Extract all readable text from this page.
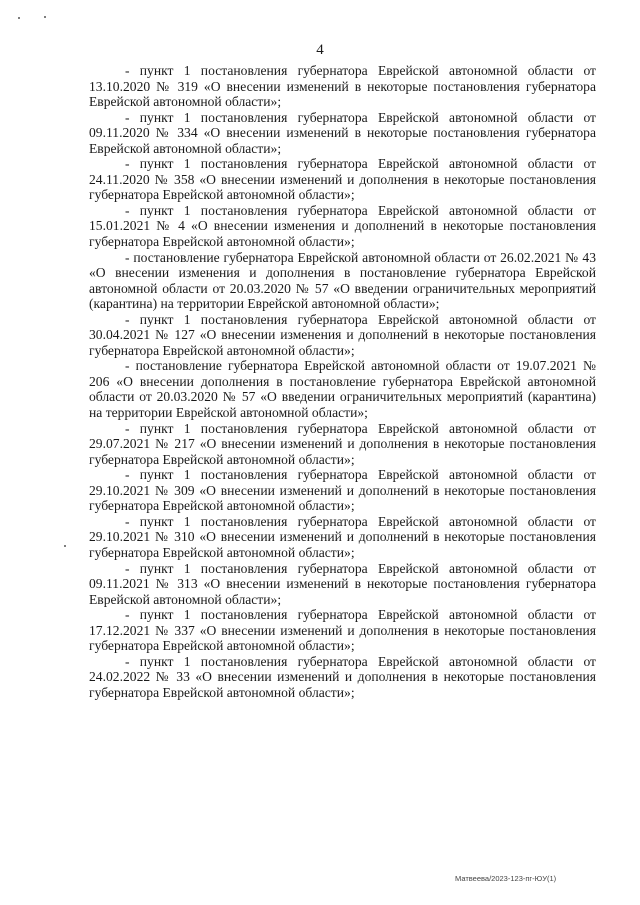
4

- пункт 1 постановления губернатора Еврейской автономной области от 13.10.2020 № 319 «О внесении изменений в некоторые постановления губернатора Еврейской автономной области»;

- пункт 1 постановления губернатора Еврейской автономной области от 09.11.2020 № 334 «О внесении изменений в некоторые постановления губернатора Еврейской автономной области»;

- пункт 1 постановления губернатора Еврейской автономной области от 24.11.2020 № 358 «О внесении изменений и дополнения в некоторые постановления губернатора Еврейской автономной области»;

- пункт 1 постановления губернатора Еврейской автономной области от 15.01.2021 № 4 «О внесении изменения и дополнений в некоторые постановления губернатора Еврейской автономной области»;

- постановление губернатора Еврейской автономной области от 26.02.2021 № 43 «О внесении изменения и дополнения в постановление губернатора Еврейской автономной области от 20.03.2020 № 57 «О введении ограничительных мероприятий (карантина) на территории Еврейской автономной области»;

- пункт 1 постановления губернатора Еврейской автономной области от 30.04.2021 № 127 «О внесении изменения и дополнений в некоторые постановления губернатора Еврейской автономной области»;

- постановление губернатора Еврейской автономной области от 19.07.2021 № 206 «О внесении дополнения в постановление губернатора Еврейской автономной области от 20.03.2020 № 57 «О введении ограничительных мероприятий (карантина) на территории Еврейской автономной области»;

- пункт 1 постановления губернатора Еврейской автономной области от 29.07.2021 № 217 «О внесении изменений и дополнения в некоторые постановления губернатора Еврейской автономной области»;

- пункт 1 постановления губернатора Еврейской автономной области от 29.10.2021 № 309 «О внесении изменений и дополнений в некоторые постановления губернатора Еврейской автономной области»;

- пункт 1 постановления губернатора Еврейской автономной области от 29.10.2021 № 310 «О внесении изменений и дополнений в некоторые постановления губернатора Еврейской автономной области»;

- пункт 1 постановления губернатора Еврейской автономной области от 09.11.2021 № 313 «О внесении изменений в некоторые постановления губернатора Еврейской автономной области»;

- пункт 1 постановления губернатора Еврейской автономной области от 17.12.2021 № 337 «О внесении изменений и дополнения в некоторые постановления губернатора Еврейской автономной области»;

- пункт 1 постановления губернатора Еврейской автономной области от 24.02.2022 № 33 «О внесении изменений и дополнения в некоторые постановления губернатора Еврейской автономной области»;

Матвеева/2023-123-пг-ЮУ(1)
